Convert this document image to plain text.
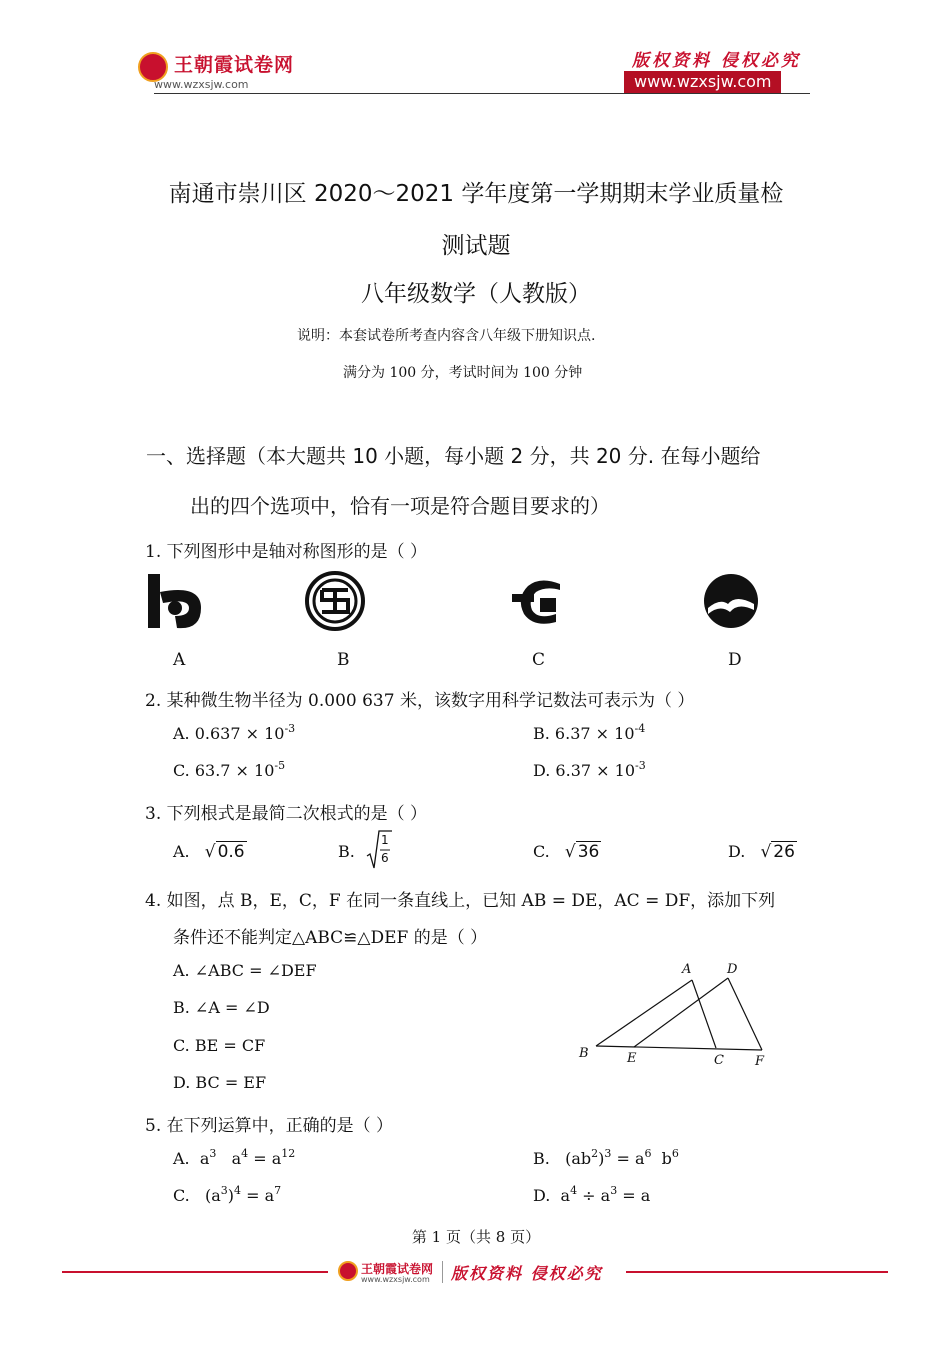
王朝霞试卷网
www.wzxsjw.com
版权资料 侵权必究
www.wzxsjw.com
南通市崇川区 2020～2021 学年度第一学期期末学业质量检
测试题
八年级数学（人教版）
说明：本套试卷所考查内容含八年级下册知识点.
满分为 100 分，考试时间为 100 分钟
一、选择题（本大题共 10 小题，每小题 2 分，共 20 分. 在每小题给
出的四个选项中，恰有一项是符合题目要求的）
1. 下列图形中是轴对称图形的是（ ）
A	B	C	D
2. 某种微生物半径为 0.000 637 米，该数字用科学记数法可表示为（ ）
A. $0.637 \times 10^{-3}$	B. $6.37 \times 10^{-4}$
C. $63.7 \times 10^{-5}$	D. $6.37 \times 10^{-3}$
3. 下列根式是最简二次根式的是（ ）
A. √ 0.6	B.
1
6	C. √ 36	D. √ 26
4. 如图，点 B，E，C，F 在同一条直线上，已知 AB = DE，AC = DF，添加下列
条件还不能判定△ABC≌△DEF 的是（ ）
A. ∠ABC = ∠DEF
B. ∠A = ∠D
C. BE = CF
D. BC = EF
A	D
B	E	C F
5. 在下列运算中，正确的是（ ）
A.  $a^3$   $a^4 = a^{12}$	B.   $(ab^2)^3 = a^6$  $b^6$
C.   $(a^3)^4 = a^7$	D.  $a^4 \div a^3 = a$
第 1 页（共 8 页）
王朝霞试卷网
www.wzxsjw.com 版权资料 侵权必究
